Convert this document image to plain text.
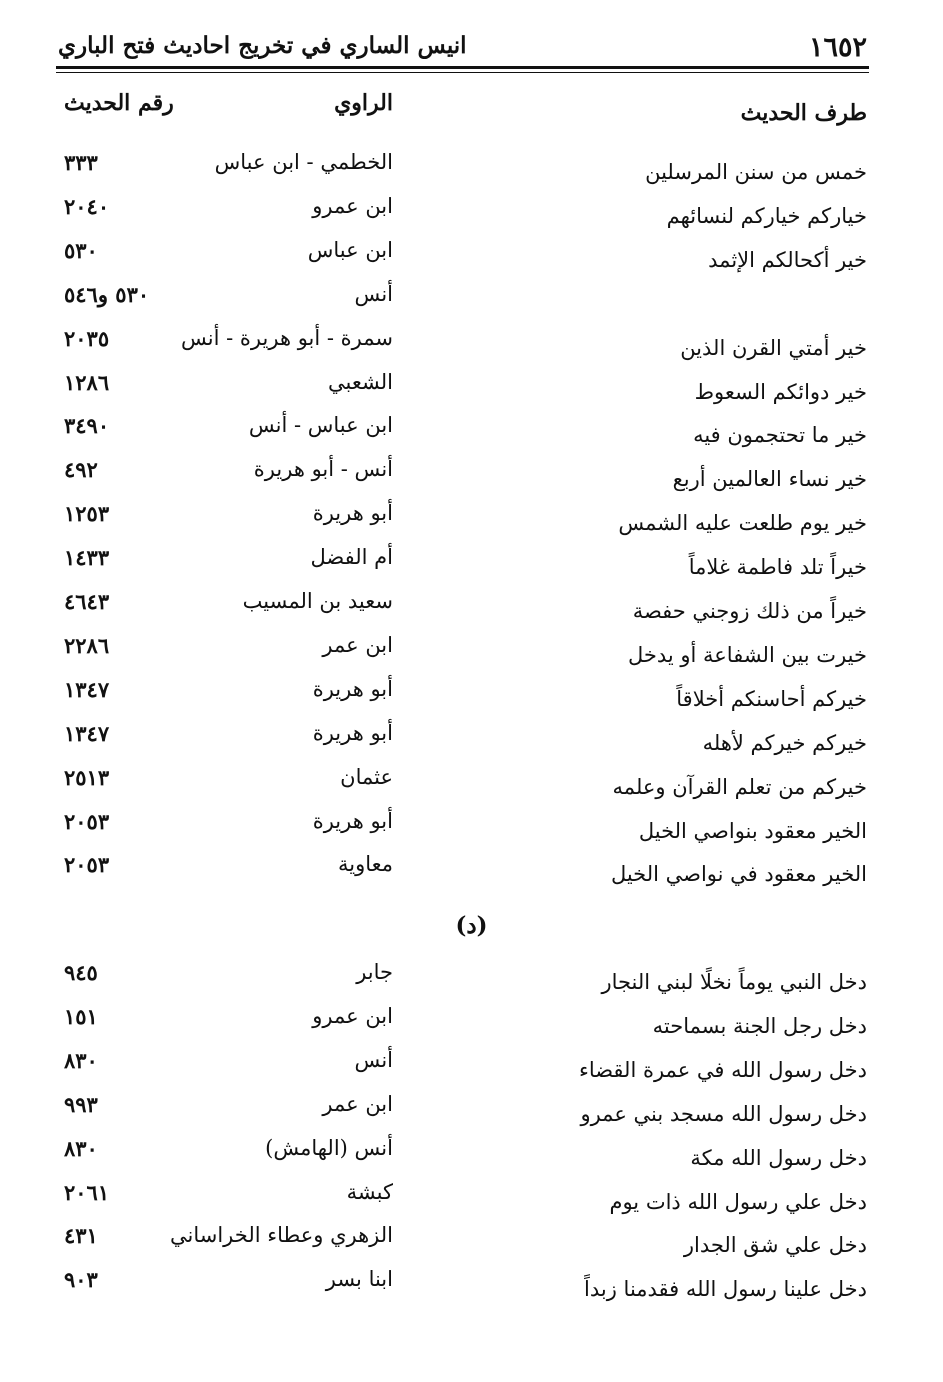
١٦٥٢
انيس الساري في تخريج احاديث فتح الباري
طرف الحديث
الراوي
رقم الحديث
خمس من سنن المرسلين
الخطمي - ابن عباس
٣٣٣
خياركم خياركم لنسائهم
ابن عمرو
٢٠٤٠
خير أكحالكم الإثمد
ابن عباس
٥٣٠
أنس
٥٣٠ و٥٤٦
خير أمتي القرن الذين
سمرة - أبو هريرة - أنس
٢٠٣٥
خير دوائكم السعوط
الشعبي
١٢٨٦
خير ما تحتجمون فيه
ابن عباس - أنس
٣٤٩٠
خير نساء العالمين أربع
أنس - أبو هريرة
٤٩٢
خير يوم طلعت عليه الشمس
أبو هريرة
١٢٥٣
خيراً تلد فاطمة غلاماً
أم الفضل
١٤٣٣
خيراً من ذلك زوجني حفصة
سعيد بن المسيب
٤٦٤٣
خيرت بين الشفاعة أو يدخل
ابن عمر
٢٢٨٦
خيركم أحاسنكم أخلاقاً
أبو هريرة
١٣٤٧
خيركم خيركم لأهله
أبو هريرة
١٣٤٧
خيركم من تعلم القرآن وعلمه
عثمان
٢٥١٣
الخير معقود بنواصي الخيل
أبو هريرة
٢٠٥٣
الخير معقود في نواصي الخيل
معاوية
٢٠٥٣
(د)
دخل النبي يوماً نخلًا لبني النجار
جابر
٩٤٥
دخل رجل الجنة بسماحته
ابن عمرو
١٥١
دخل رسول الله في عمرة القضاء
أنس
٨٣٠
دخل رسول الله مسجد بني عمرو
ابن عمر
٩٩٣
دخل رسول الله مكة
أنس (الهامش)
٨٣٠
دخل علي رسول الله ذات يوم
كبشة
٢٠٦١
دخل علي شق الجدار
الزهري وعطاء الخراساني
٤٣١
دخل علينا رسول الله فقدمنا زبداً
ابنا بسر
٩٠٣
